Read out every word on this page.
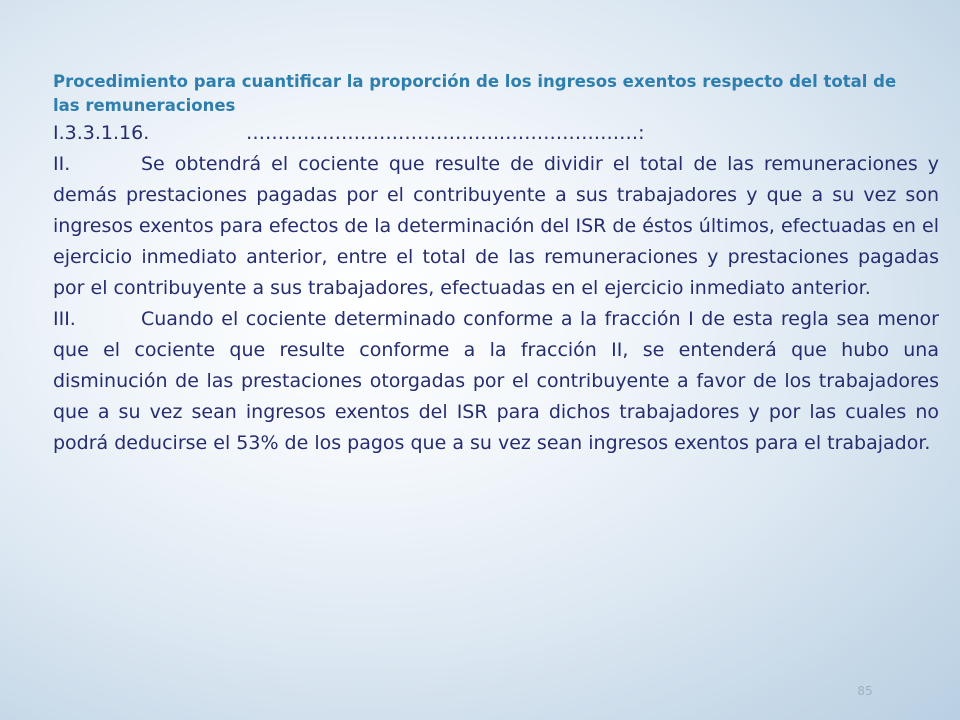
Procedimiento para cuantificar la proporción de los ingresos exentos respecto del total de las remuneraciones

I.3.3.1.16.	…………………………………..…………………:

II.	Se obtendrá el cociente que resulte de dividir el total de las remuneraciones y demás prestaciones pagadas por el contribuyente a sus trabajadores y que a su vez son ingresos exentos para efectos de la determinación del ISR de éstos últimos, efectuadas en el ejercicio inmediato anterior, entre el total de las remuneraciones y prestaciones pagadas por el contribuyente a sus trabajadores, efectuadas en el ejercicio inmediato anterior.

III.	Cuando el cociente determinado conforme a la fracción I de esta regla sea menor que el cociente que resulte conforme a la fracción II, se entenderá que hubo una disminución de las prestaciones otorgadas por el contribuyente a favor de los trabajadores que a su vez sean ingresos exentos del ISR para dichos trabajadores y por las cuales no podrá deducirse el 53% de los pagos que a su vez sean ingresos exentos para el trabajador.

85
